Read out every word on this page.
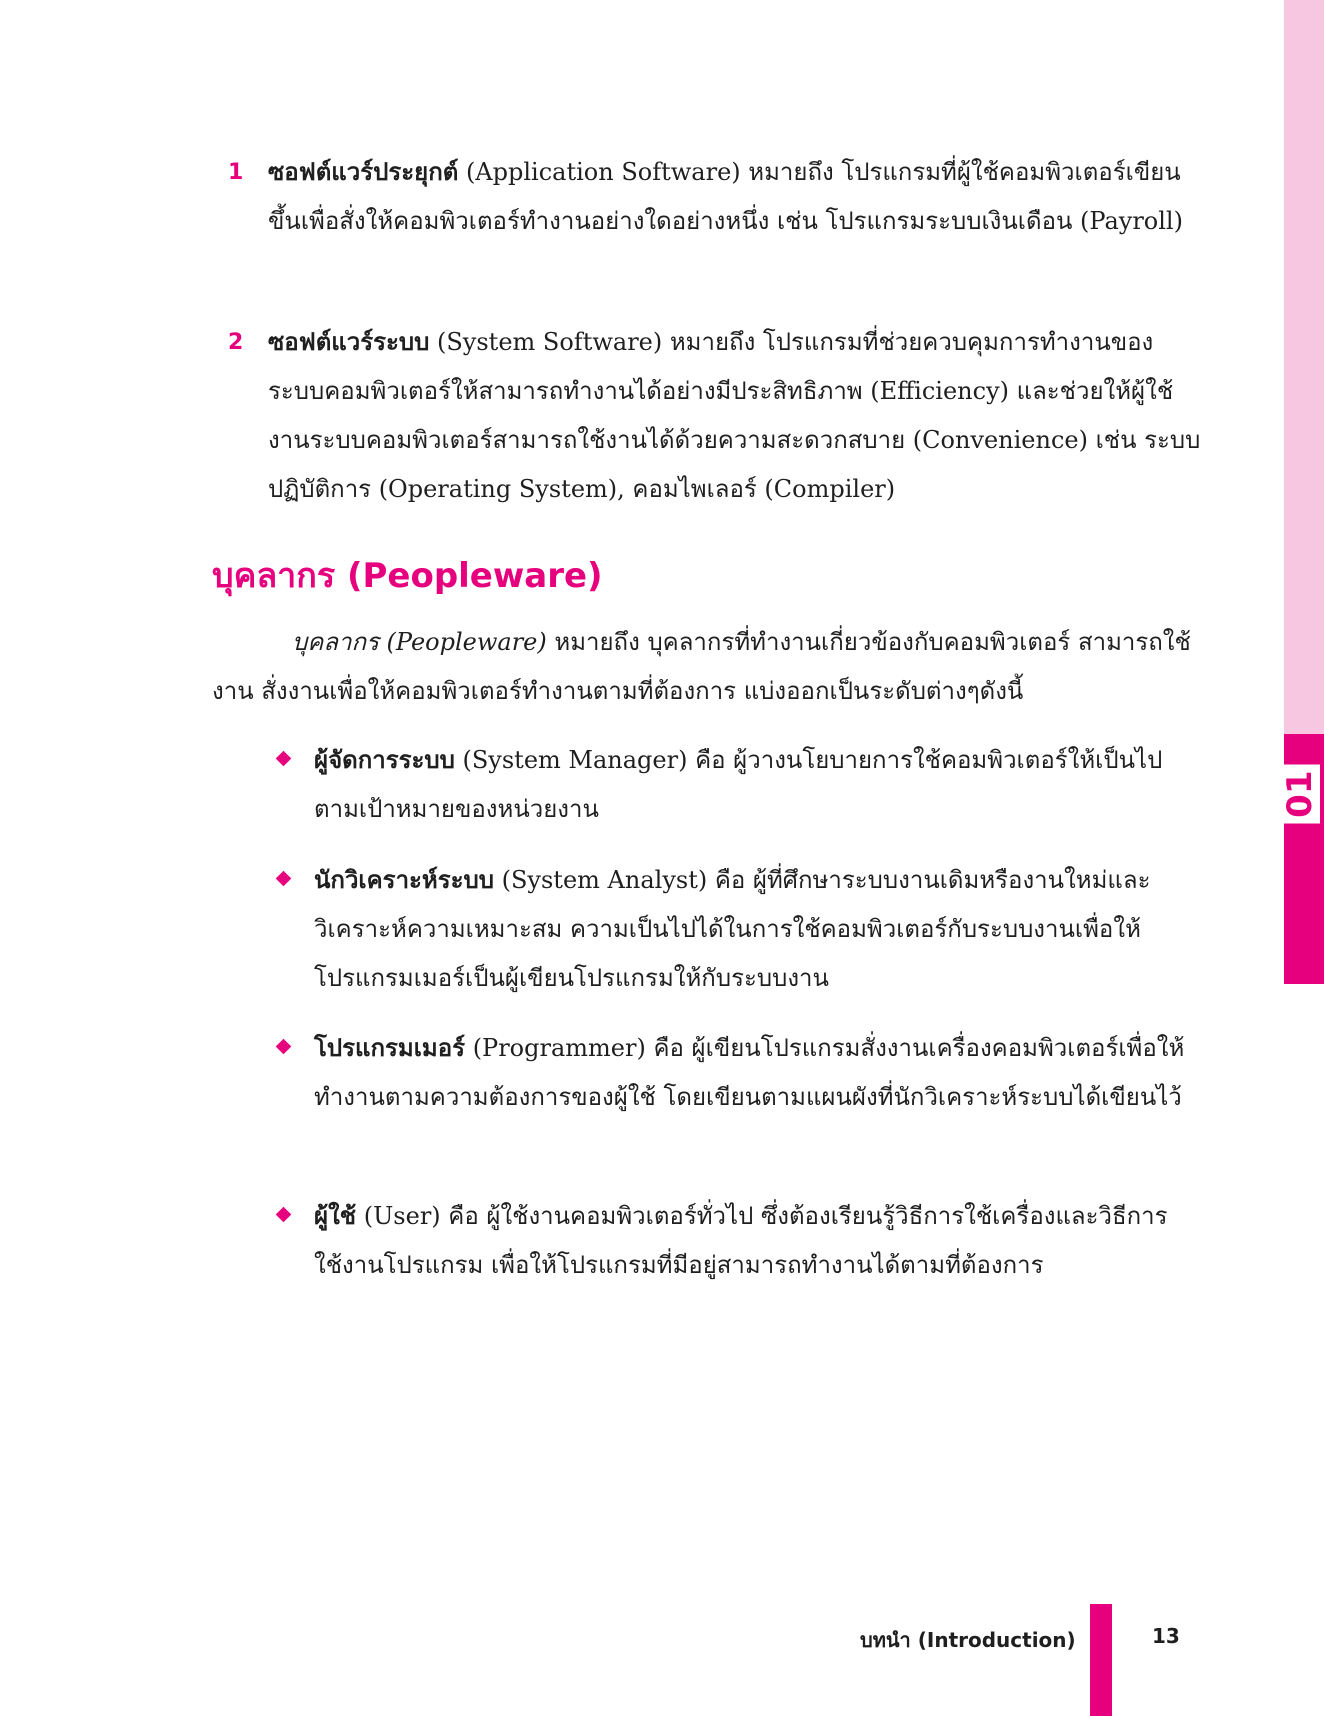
CHAPTER01
1 ซอฟต์แวร์ประยุกต์ (Application Software) หมายถึง โปรแกรมที่ผู้ใช้คอมพิวเตอร์เขียนขึ้นเพื่อสั่งให้คอมพิวเตอร์ทำงานอย่างใดอย่างหนึ่ง เช่น โปรแกรมระบบเงินเดือน (Payroll)
2 ซอฟต์แวร์ระบบ (System Software) หมายถึง โปรแกรมที่ช่วยควบคุมการทำงานของระบบคอมพิวเตอร์ให้สามารถทำงานได้อย่างมีประสิทธิภาพ (Efficiency) และช่วยให้ผู้ใช้งานระบบคอมพิวเตอร์สามารถใช้งานได้ด้วยความสะดวกสบาย (Convenience) เช่น ระบบปฏิบัติการ (Operating System), คอมไพเลอร์ (Compiler)
บุคลากร (Peopleware)
บุคลากร (Peopleware) หมายถึง บุคลากรที่ทำงานเกี่ยวข้องกับคอมพิวเตอร์ สามารถใช้งาน สั่งงานเพื่อให้คอมพิวเตอร์ทำงานตามที่ต้องการ แบ่งออกเป็นระดับต่างๆดังนี้
ผู้จัดการระบบ (System Manager) คือ ผู้วางนโยบายการใช้คอมพิวเตอร์ให้เป็นไปตามเป้าหมายของหน่วยงาน
นักวิเคราะห์ระบบ (System Analyst) คือ ผู้ที่ศึกษาระบบงานเดิมหรืองานใหม่และวิเคราะห์ความเหมาะสม ความเป็นไปได้ในการใช้คอมพิวเตอร์กับระบบงานเพื่อให้โปรแกรมเมอร์เป็นผู้เขียนโปรแกรมให้กับระบบงาน
โปรแกรมเมอร์ (Programmer) คือ ผู้เขียนโปรแกรมสั่งงานเครื่องคอมพิวเตอร์เพื่อให้ทำงานตามความต้องการของผู้ใช้ โดยเขียนตามแผนผังที่นักวิเคราะห์ระบบได้เขียนไว้
ผู้ใช้ (User) คือ ผู้ใช้งานคอมพิวเตอร์ทั่วไป ซึ่งต้องเรียนรู้วิธีการใช้เครื่องและวิธีการใช้งานโปรแกรม เพื่อให้โปรแกรมที่มีอยู่สามารถทำงานได้ตามที่ต้องการ
บทนำ (Introduction)	13
